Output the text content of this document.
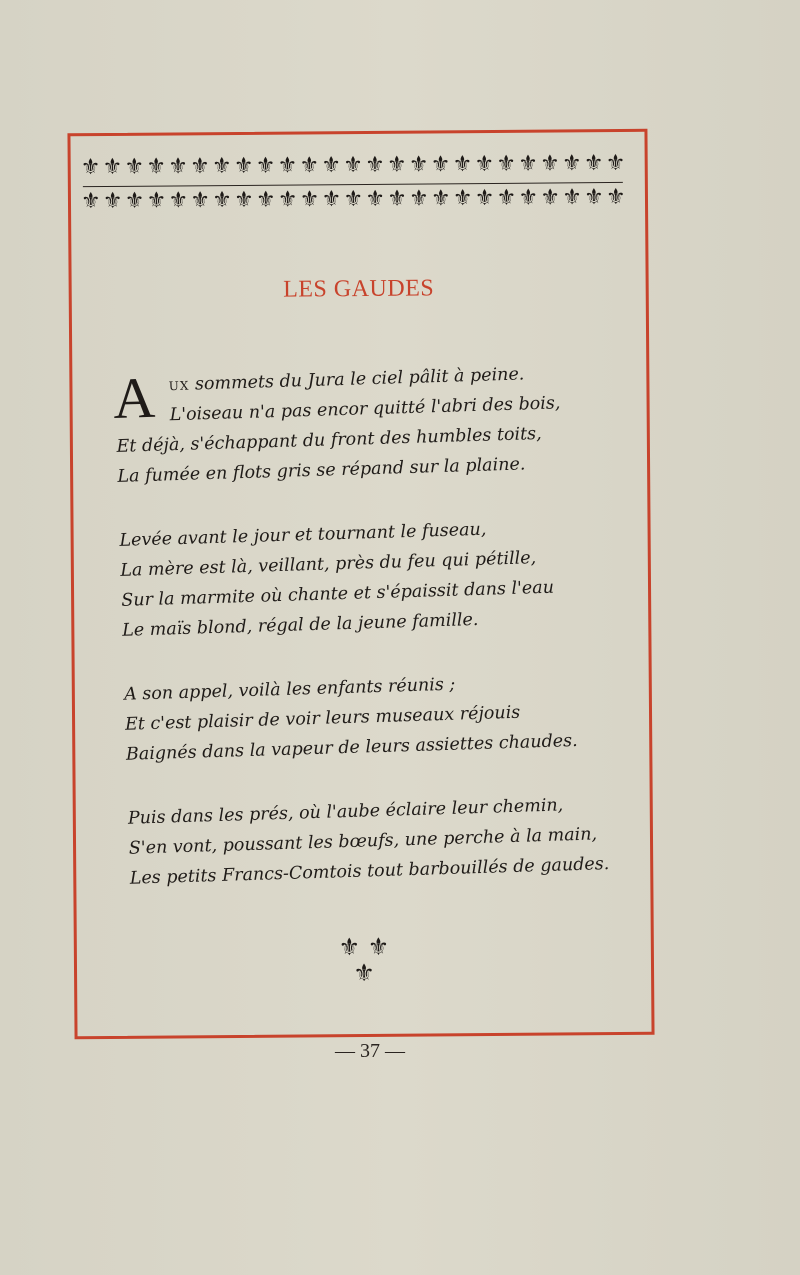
⚜ ⚜ ⚜ ⚜ ⚜ ⚜ ⚜ ⚜ ⚜ ⚜ ⚜ ⚜ ⚜ ⚜ ⚜ ⚜ ⚜ ⚜ ⚜ ⚜ ⚜ ⚜ ⚜ ⚜ ⚜
⚜ ⚜ ⚜ ⚜ ⚜ ⚜ ⚜ ⚜ ⚜ ⚜ ⚜ ⚜ ⚜ ⚜ ⚜ ⚜ ⚜ ⚜ ⚜ ⚜ ⚜ ⚜ ⚜ ⚜ ⚜
LES GAUDES
A ux sommets du Jura le ciel pâlit à peine.
L'oiseau n'a pas encor quitté l'abri des bois,
Et déjà, s'échappant du front des humbles toits,
La fumée en flots gris se répand sur la plaine.
Levée avant le jour et tournant le fuseau,
La mère est là, veillant, près du feu qui pétille,
Sur la marmite où chante et s'épaissit dans l'eau
Le maïs blond, régal de la jeune famille.
A son appel, voilà les enfants réunis ;
Et c'est plaisir de voir leurs museaux réjouis
Baignés dans la vapeur de leurs assiettes chaudes.
Puis dans les prés, où l'aube éclaire leur chemin,
S'en vont, poussant les bœufs, une perche à la main,
Les petits Francs-Comtois tout barbouillés de gaudes.
⚜ ⚜
⚜
— 37 —
